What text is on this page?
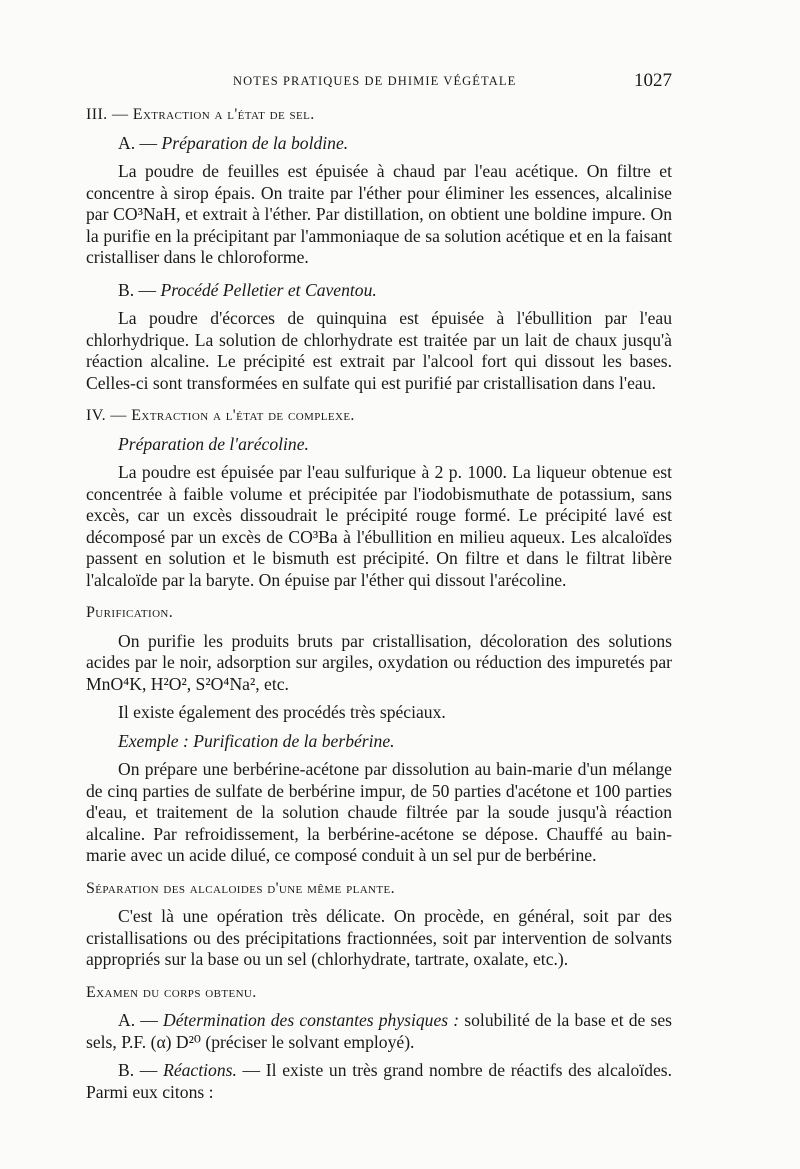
NOTES PRATIQUES DE DHIMIE VÉGÉTALE	1027

III. — Extraction a l'état de sel.

A. — Préparation de la boldine.

La poudre de feuilles est épuisée à chaud par l'eau acétique. On filtre et concentre à sirop épais. On traite par l'éther pour éliminer les essences, alcalinise par CO³NaH, et extrait à l'éther. Par distillation, on obtient une boldine impure. On la purifie en la précipitant par l'ammoniaque de sa solution acétique et en la faisant cristalliser dans le chloroforme.

B. — Procédé Pelletier et Caventou.

La poudre d'écorces de quinquina est épuisée à l'ébullition par l'eau chlorhydrique. La solution de chlorhydrate est traitée par un lait de chaux jusqu'à réaction alcaline. Le précipité est extrait par l'alcool fort qui dissout les bases. Celles-ci sont transformées en sulfate qui est purifié par cristallisation dans l'eau.

IV. — Extraction a l'état de complexe.

Préparation de l'arécoline.

La poudre est épuisée par l'eau sulfurique à 2 p. 1000. La liqueur obtenue est concentrée à faible volume et précipitée par l'iodobismuthate de potassium, sans excès, car un excès dissoudrait le précipité rouge formé. Le précipité lavé est décomposé par un excès de CO³Ba à l'ébullition en milieu aqueux. Les alcaloïdes passent en solution et le bismuth est précipité. On filtre et dans le filtrat libère l'alcaloïde par la baryte. On épuise par l'éther qui dissout l'arécoline.

Purification.

On purifie les produits bruts par cristallisation, décoloration des solutions acides par le noir, adsorption sur argiles, oxydation ou réduction des impuretés par MnO⁴K, H²O², S²O⁴Na², etc.

Il existe également des procédés très spéciaux.

Exemple : Purification de la berbérine.

On prépare une berbérine-acétone par dissolution au bain-marie d'un mélange de cinq parties de sulfate de berbérine impur, de 50 parties d'acétone et 100 parties d'eau, et traitement de la solution chaude filtrée par la soude jusqu'à réaction alcaline. Par refroidissement, la berbérine-acétone se dépose. Chauffé au bain-marie avec un acide dilué, ce composé conduit à un sel pur de berbérine.

Séparation des alcaloides d'une même plante.

C'est là une opération très délicate. On procède, en général, soit par des cristallisations ou des précipitations fractionnées, soit par intervention de solvants appropriés sur la base ou un sel (chlorhydrate, tartrate, oxalate, etc.).

Examen du corps obtenu.

A. — Détermination des constantes physiques : solubilité de la base et de ses sels, P.F. (α) D²⁰ (préciser le solvant employé).

B. — Réactions. — Il existe un très grand nombre de réactifs des alcaloïdes. Parmi eux citons :
